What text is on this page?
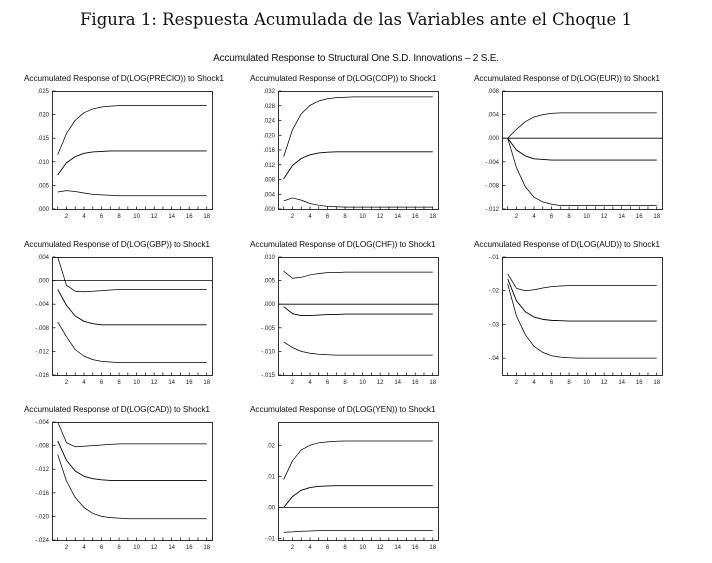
Figura 1: Respuesta Acumulada de las Variables ante el Choque 1
Accumulated Response to Structural One S.D. Innovations – 2 S.E.
Accumulated Response of D(LOG(PRECIO)) to Shock1
.000
.005
.010
.015
.020
.025
2 4 6 8 10 12 14 16 18
Accumulated Response of D(LOG(COP)) to Shock1
.000
.004
.008
.012
.016
.020
.024
.028
.032
2 4 6 8 10 12 14 16 18
Accumulated Response of D(LOG(EUR)) to Shock1
-.012
-.008
-.004
.000
.004
.008
2 4 6 8 10 12 14 16 18
Accumulated Response of D(LOG(GBP)) to Shock1
-.016
-.012
-.008
-.004
.000
.004
2 4 6 8 10 12 14 16 18
Accumulated Response of D(LOG(CHF)) to Shock1
-.015
-.010
-.005
.000
.005
.010
2 4 6 8 10 12 14 16 18
Accumulated Response of D(LOG(AUD)) to Shock1
-.04
-.03
-.02
-.01
2 4 6 8 10 12 14 16 18
Accumulated Response of D(LOG(CAD)) to Shock1
-.024
-.020
-.016
-.012
-.008
-.004
2 4 6 8 10 12 14 16 18
Accumulated Response of D(LOG(YEN)) to Shock1
-.01
.00
.01
.02
2 4 6 8 10 12 14 16 18
